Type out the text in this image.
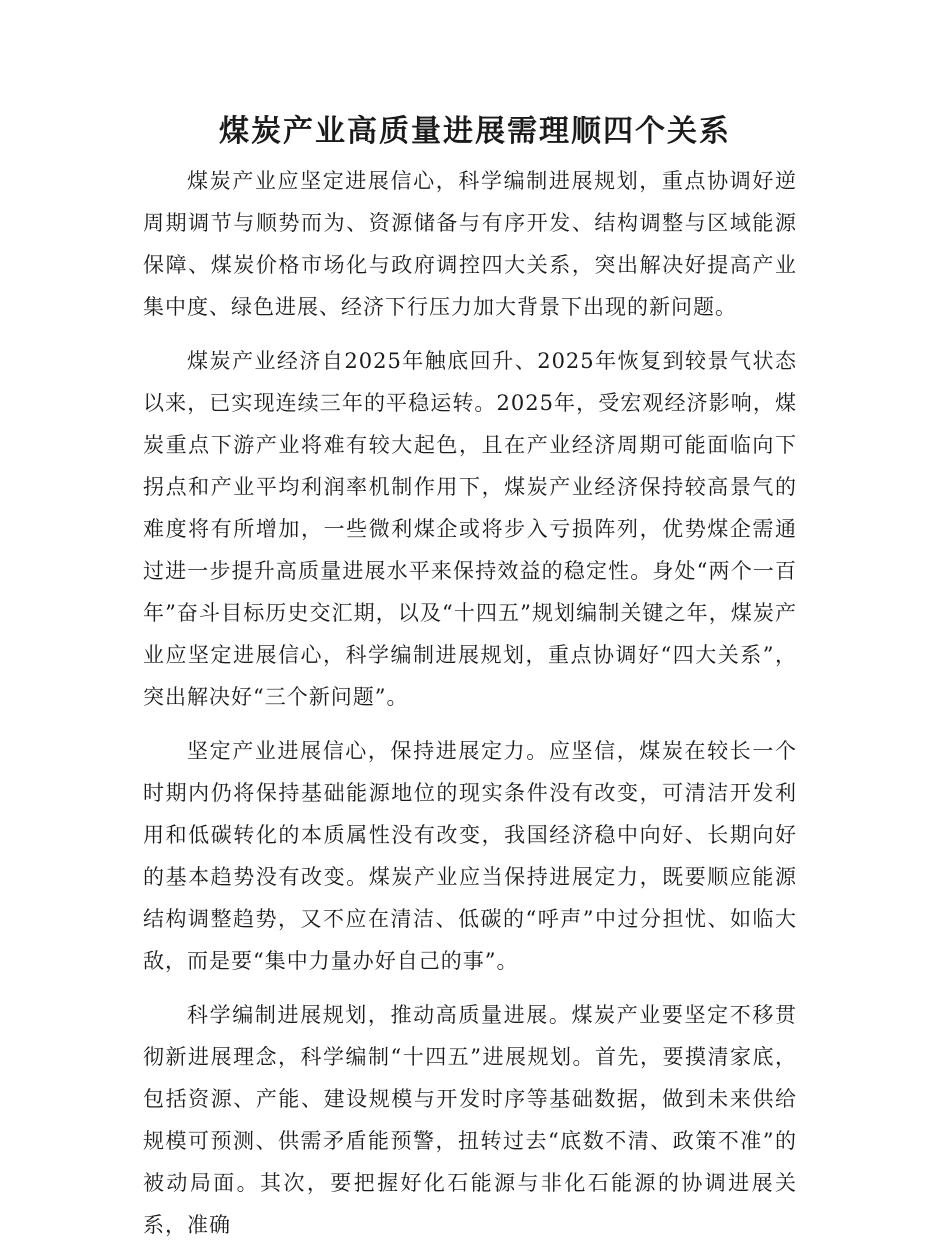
煤炭产业高质量进展需理顺四个关系

煤炭产业应坚定进展信心，科学编制进展规划，重点协调好逆周期调节与顺势而为、资源储备与有序开发、结构调整与区域能源保障、煤炭价格市场化与政府调控四大关系，突出解决好提高产业集中度、绿色进展、经济下行压力加大背景下出现的新问题。

煤炭产业经济自2025年触底回升、2025年恢复到较景气状态以来，已实现连续三年的平稳运转。2025年，受宏观经济影响，煤炭重点下游产业将难有较大起色，且在产业经济周期可能面临向下拐点和产业平均利润率机制作用下，煤炭产业经济保持较高景气的难度将有所增加，一些微利煤企或将步入亏损阵列，优势煤企需通过进一步提升高质量进展水平来保持效益的稳定性。身处“两个一百年”奋斗目标历史交汇期，以及“十四五”规划编制关键之年，煤炭产业应坚定进展信心，科学编制进展规划，重点协调好“四大关系”，突出解决好“三个新问题”。

坚定产业进展信心，保持进展定力。应坚信，煤炭在较长一个时期内仍将保持基础能源地位的现实条件没有改变，可清洁开发利用和低碳转化的本质属性没有改变，我国经济稳中向好、长期向好的基本趋势没有改变。煤炭产业应当保持进展定力，既要顺应能源结构调整趋势，又不应在清洁、低碳的“呼声”中过分担忧、如临大敌，而是要“集中力量办好自己的事”。

科学编制进展规划，推动高质量进展。煤炭产业要坚定不移贯彻新进展理念，科学编制“十四五”进展规划。首先，要摸清家底，包括资源、产能、建设规模与开发时序等基础数据，做到未来供给规模可预测、供需矛盾能预警，扭转过去“底数不清、政策不准”的被动局面。其次，要把握好化石能源与非化石能源的协调进展关系，准确
